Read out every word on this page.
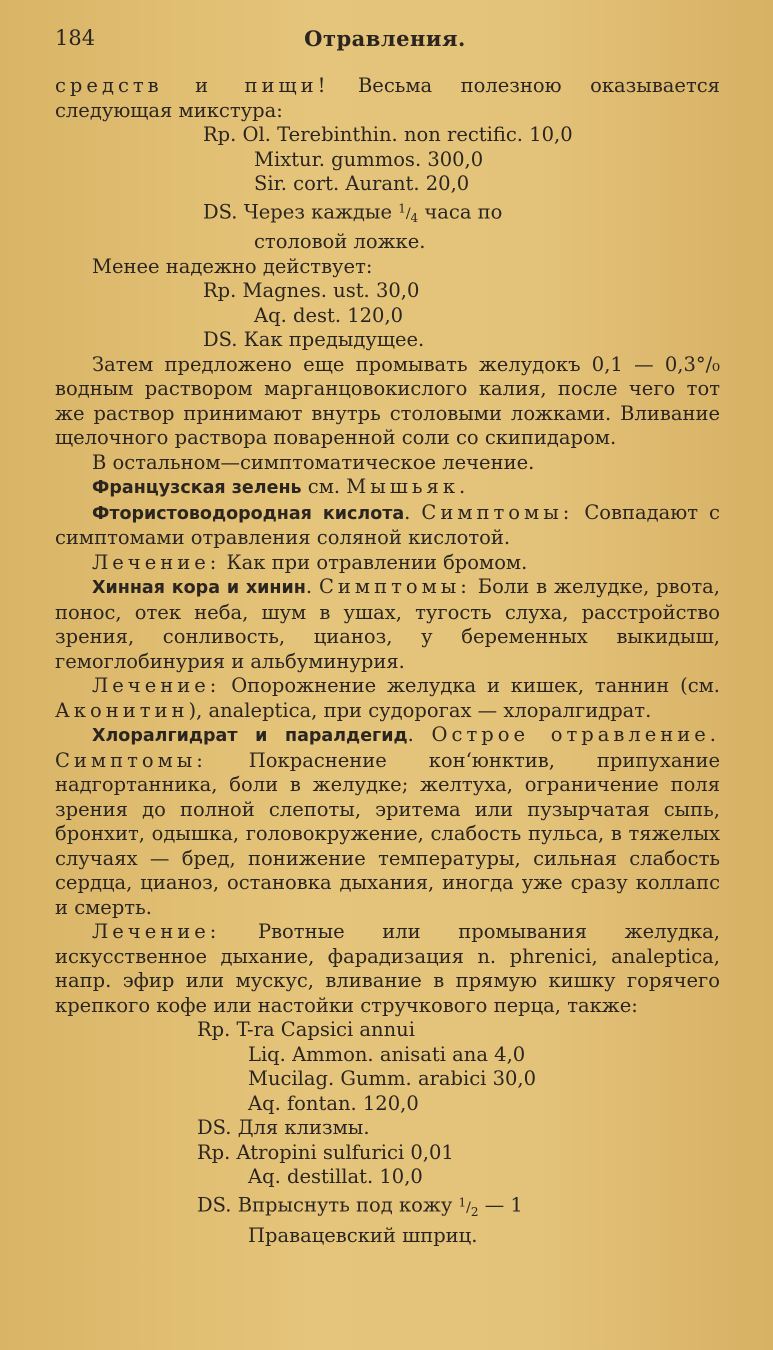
184	Отравления.

средств и пищи! Весьма полезною оказывается следующая микстура:

Rp. Ol. Terebinthin. non rectific. 10,0

Mixtur. gummos. 300,0

Sir. cort. Aurant. 20,0

DS. Через каждые $^1/_4$ часа по

столовой ложке.

Менее надежно действует:

Rp. Magnes. ust. 30,0

Aq. dest. 120,0

DS. Как предыдущее.

Затем предложено еще промывать желудокъ 0,1 — 0,3°/₀ водным раствором марганцовокислого калия, после чего тот же раствор принимают внутрь столовыми ложками. Вливание щелочного раствора поваренной соли со скипидаром.

В остальном—симптоматическое лечение.

Французская зелень см. Мышьяк.

Фтористоводородная кислота. Симптомы: Совпадают с симптомами отравления соляной кислотой.

Лечение: Как при отравлении бромом.

Хинная кора и хинин. Симптомы: Боли в желудке, рвота, понос, отек неба, шум в ушах, тугость слуха, расстройство зрения, сонливость, цианоз, у беременных выкидыш, гемоглобинурия и альбуминурия.

Лечение: Опорожнение желудка и кишек, таннин (см. Аконитин), analeptica, при судорогах — хлоралгидрат.

Хлоралгидрат и паралдегид. Острое отравление. Симптомы: Покраснение кон‘юнктив, припухание надгортанника, боли в желудке; желтуха, ограничение поля зрения до полной слепоты, эритема или пузырчатая сыпь, бронхит, одышка, головокружение, слабость пульса, в тяжелых случаях — бред, понижение температуры, сильная слабость сердца, цианоз, остановка дыхания, иногда уже сразу коллапс и смерть.

Лечение: Рвотные или промывания желудка, искусственное дыхание, фарадизация n. phrenici, analeptica, напр. эфир или мускус, вливание в прямую кишку горячего крепкого кофе или настойки стручкового перца, также:

Rp. T-ra Capsici annui

Liq. Ammon. anisati ana 4,0

Mucilag. Gumm. arabici 30,0

Aq. fontan. 120,0

DS. Для клизмы.

Rp. Atropini sulfurici 0,01

Aq. destillat. 10,0

DS. Впрыснуть под кожу $^1/_2$ — 1

Правацевский шприц.
